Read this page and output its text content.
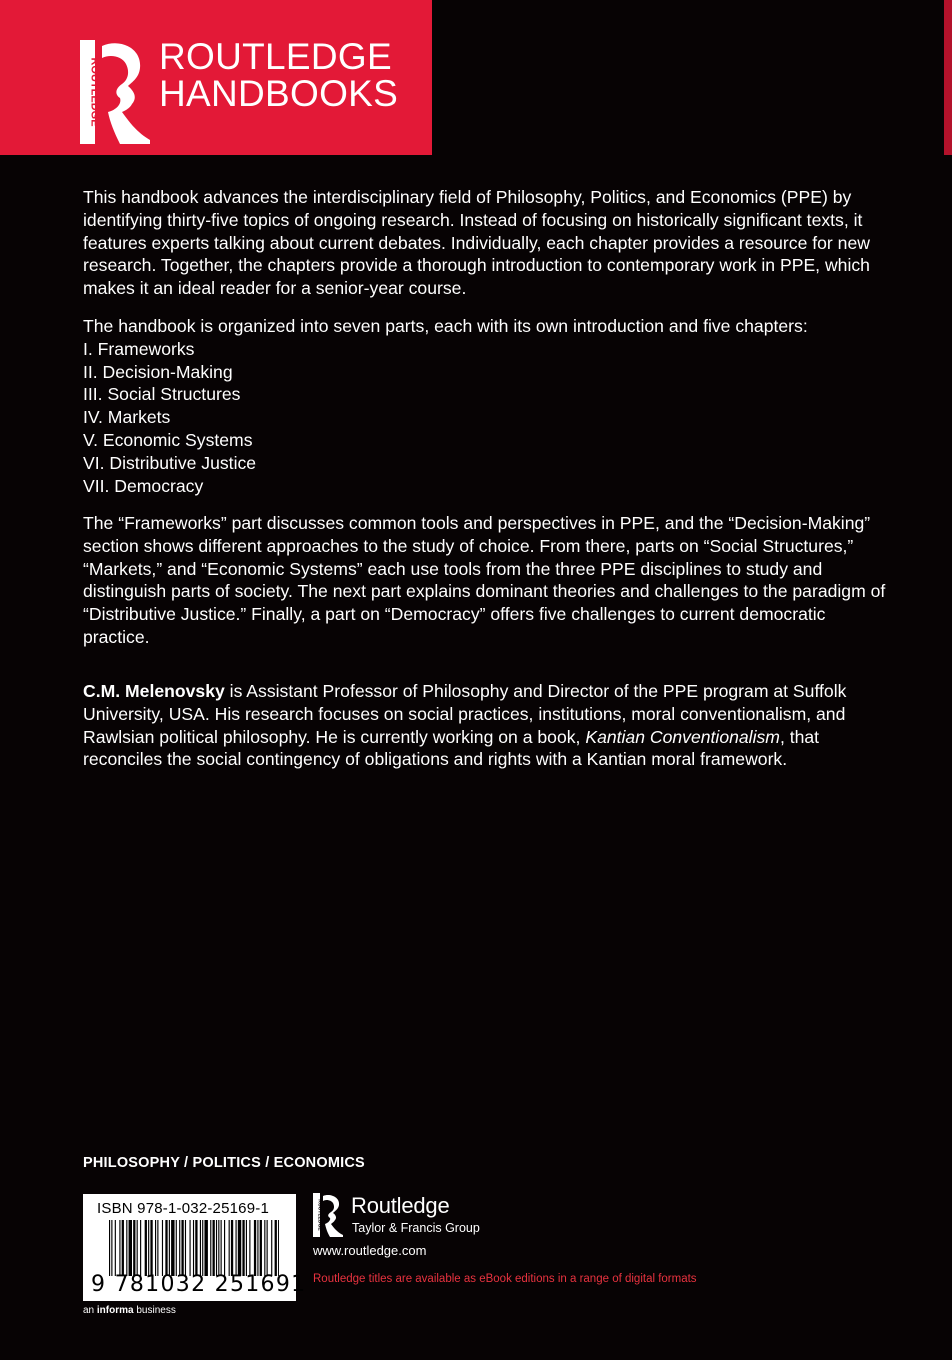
ROUTLEDGE
ROUTLEDGE
HANDBOOKS
This handbook advances the interdisciplinary field of Philosophy, Politics, and Economics (PPE) by identifying thirty-five topics of ongoing research. Instead of focusing on historically significant texts, it features experts talking about current debates. Individually, each chapter provides a resource for new research. Together, the chapters provide a thorough introduction to contemporary work in PPE, which makes it an ideal reader for a senior-year course.
The handbook is organized into seven parts, each with its own introduction and five chapters:
I. Frameworks
II. Decision-Making
III. Social Structures
IV. Markets
V. Economic Systems
VI. Distributive Justice
VII. Democracy
The “Frameworks” part discusses common tools and perspectives in PPE, and the “Decision-Making” section shows different approaches to the study of choice. From there, parts on “Social Structures,” “Markets,” and “Economic Systems” each use tools from the three PPE disciplines to study and distinguish parts of society. The next part explains dominant theories and challenges to the paradigm of “Distributive Justice.” Finally, a part on “Democracy” offers five challenges to current democratic practice.
C.M. Melenovsky is Assistant Professor of Philosophy and Director of the PPE program at Suffolk University, USA. His research focuses on social practices, institutions, moral conventionalism, and Rawlsian political philosophy. He is currently working on a book, Kantian Conventionalism, that reconciles the social contingency of obligations and rights with a Kantian moral framework.
PHILOSOPHY / POLITICS / ECONOMICS
ISBN 978-1-032-25169-1
9 781032 251691
an informa business
ROUTLEDGE Routledge
Taylor & Francis Group
www.routledge.com
Routledge titles are available as eBook editions in a range of digital formats
